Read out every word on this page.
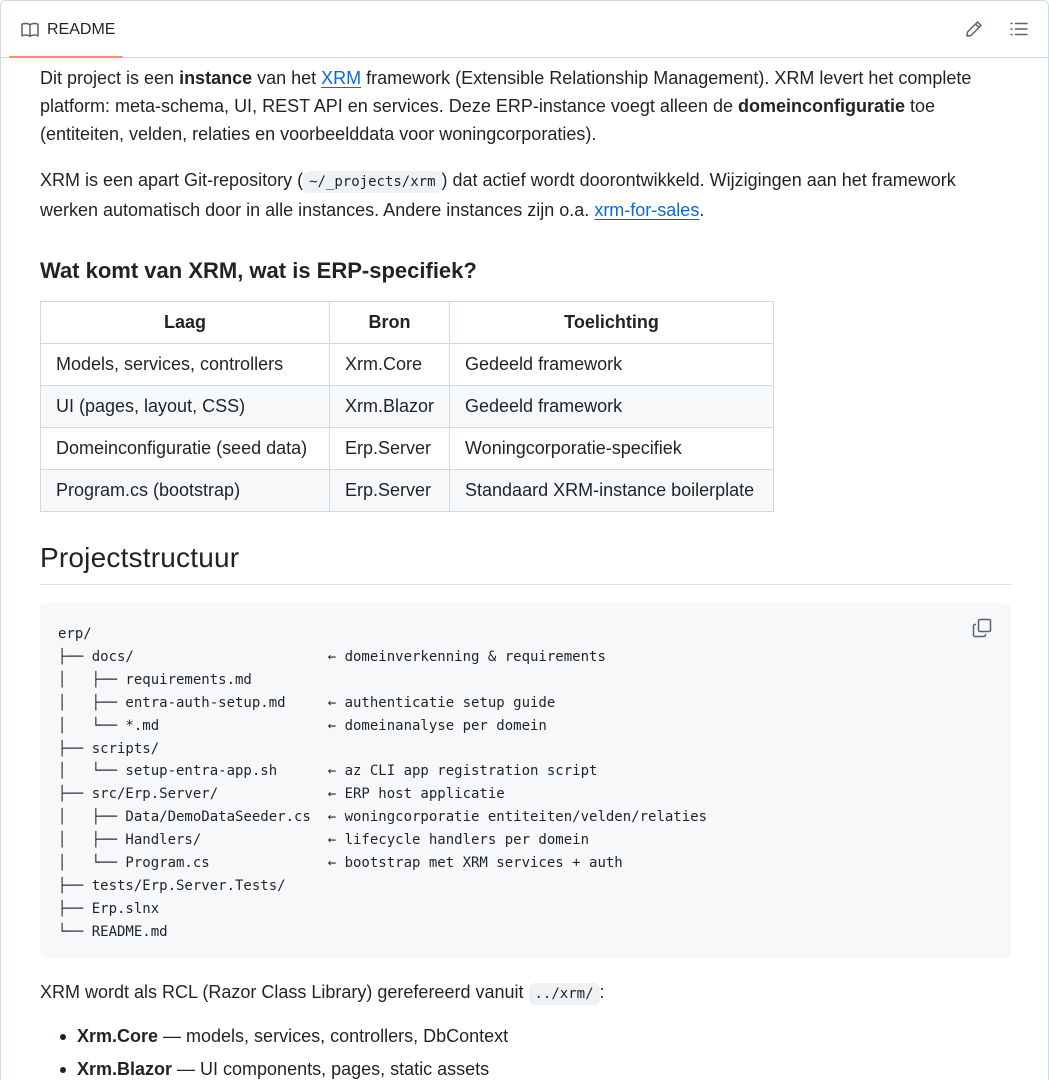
README

Dit project is een instance van het XRM framework (Extensible Relationship Management). XRM levert het complete platform: meta-schema, UI, REST API en services. Deze ERP-instance voegt alleen de domeinconfiguratie toe (entiteiten, velden, relaties en voorbeelddata voor woningcorporaties).

XRM is een apart Git-repository ( ~/_projects/xrm ) dat actief wordt doorontwikkeld. Wijzigingen aan het framework werken automatisch door in alle instances. Andere instances zijn o.a. xrm-for-sales.

Wat komt van XRM, wat is ERP-specifiek?
Laag	Bron	Toelichting
Models, services, controllers	Xrm.Core	Gedeeld framework
UI (pages, layout, CSS)	Xrm.Blazor	Gedeeld framework
Domeinconfiguratie (seed data)	Erp.Server	Woningcorporatie-specifiek
Program.cs (bootstrap)	Erp.Server	Standaard XRM-instance boilerplate
Projectstructuur
erp/
├── docs/                       ← domeinverkenning & requirements
│   ├── requirements.md
│   ├── entra-auth-setup.md     ← authenticatie setup guide
│   └── *.md                    ← domeinanalyse per domein
├── scripts/
│   └── setup-entra-app.sh      ← az CLI app registration script
├── src/Erp.Server/             ← ERP host applicatie
│   ├── Data/DemoDataSeeder.cs  ← woningcorporatie entiteiten/velden/relaties
│   ├── Handlers/               ← lifecycle handlers per domein
│   └── Program.cs              ← bootstrap met XRM services + auth
├── tests/Erp.Server.Tests/
├── Erp.slnx
└── README.md

XRM wordt als RCL (Razor Class Library) gerefereerd vanuit ../xrm/ :

Xrm.Core — models, services, controllers, DbContext
Xrm.Blazor — UI components, pages, static assets
